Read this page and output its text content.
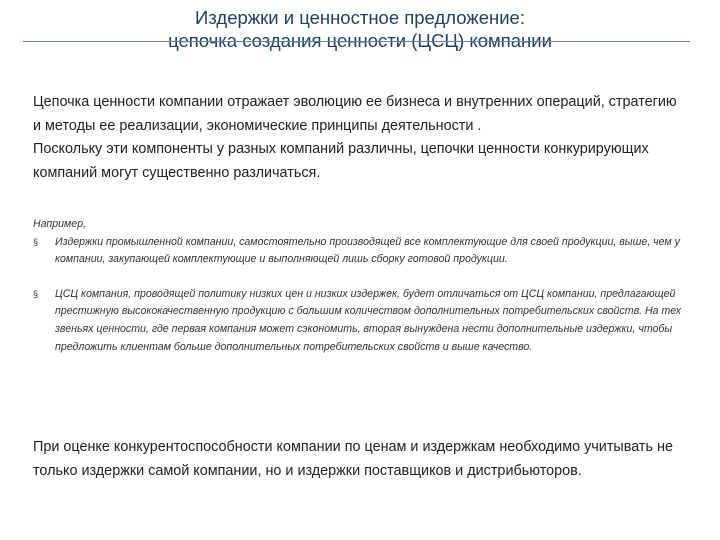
Издержки и ценностное предложение:
цепочка создания ценности (ЦСЦ) компании

Цепочка ценности компании отражает эволюцию ее бизнеса и внутренних операций, стратегию и методы ее реализации, экономические принципы деятельности .

Поскольку эти компоненты у разных компаний различны, цепочки ценности конкурирующих компаний могут существенно различаться.

Например,

§ Издержки промышленной компании, самостоятельно производящей все комплектующие для своей продукции, выше, чем у компании, закупающей комплектующие и выполняющей лишь сборку готовой продукции.
§ ЦСЦ компания, проводящей политику низких цен и низких издержек, будет отличаться от ЦСЦ компании, предлагающей престижную высококачественную продукцию с большим количеством дополнительных потребительских свойств. На тех звеньях ценности, где первая компания может сэкономить, вторая вынуждена нести дополнительные издержки, чтобы предложить клиентам больше дополнительных потребительских свойств и выше качество.

При оценке конкурентоспособности компании по ценам и издержкам необходимо учитывать не только издержки самой компании, но и издержки поставщиков и дистрибьюторов.
